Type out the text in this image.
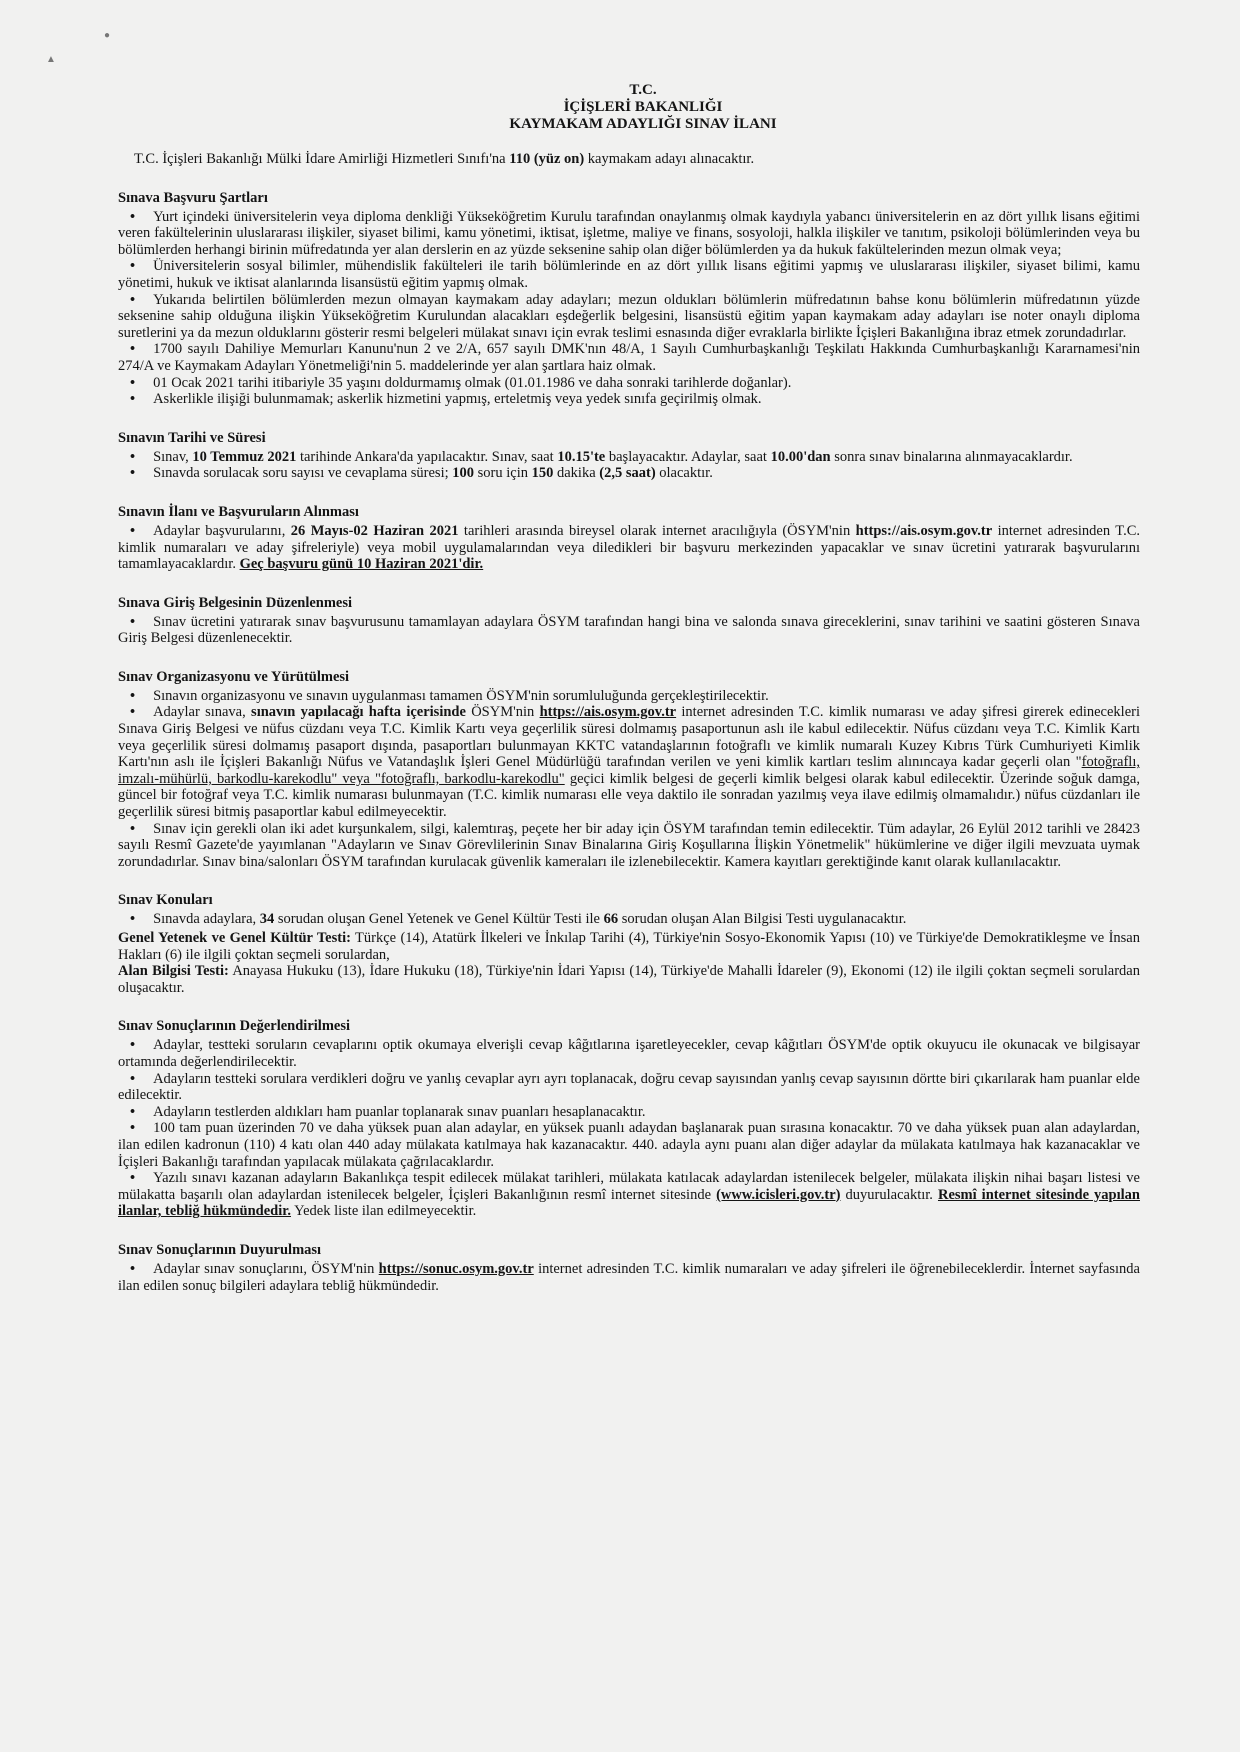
●
▲
T.C.
İÇİŞLERİ BAKANLIĞI
KAYMAKAM ADAYLIĞI SINAV İLANI
T.C. İçişleri Bakanlığı Mülki İdare Amirliği Hizmetleri Sınıfı'na 110 (yüz on) kaymakam adayı alınacaktır.
Sınava Başvuru Şartları

• Yurt içindeki üniversitelerin veya diploma denkliği Yükseköğretim Kurulu tarafından onaylanmış olmak kaydıyla yabancı üniversitelerin en az dört yıllık lisans eğitimi veren fakültelerinin uluslararası ilişkiler, siyaset bilimi, kamu yönetimi, iktisat, işletme, maliye ve finans, sosyoloji, halkla ilişkiler ve tanıtım, psikoloji bölümlerinden veya bu bölümlerden herhangi birinin müfredatında yer alan derslerin en az yüzde sekseninе sahip olan diğer bölümlerden ya da hukuk fakültelerinden mezun olmak veya;

• Üniversitelerin sosyal bilimler, mühendislik fakülteleri ile tarih bölümlerinde en az dört yıllık lisans eğitimi yapmış ve uluslararası ilişkiler, siyaset bilimi, kamu yönetimi, hukuk ve iktisat alanlarında lisansüstü eğitim yapmış olmak.

• Yukarıda belirtilen bölümlerden mezun olmayan kaymakam aday adayları; mezun oldukları bölümlerin müfredatının bahse konu bölümlerin müfredatının yüzde sekseninе sahip olduğuna ilişkin Yükseköğretim Kurulundan alacakları eşdeğerlik belgesini, lisansüstü eğitim yapan kaymakam aday adayları ise noter onaylı diploma suretlerini ya da mezun olduklarını gösterir resmi belgeleri mülakat sınavı için evrak teslimi esnasında diğer evraklarla birlikte İçişleri Bakanlığına ibraz etmek zorundadırlar.

• 1700 sayılı Dahiliye Memurları Kanunu'nun 2 ve 2/A, 657 sayılı DMK'nın 48/A, 1 Sayılı Cumhurbaşkanlığı Teşkilatı Hakkında Cumhurbaşkanlığı Kararnamesi'nin 274/A ve Kaymakam Adayları Yönetmeliği'nin 5. maddelerinde yer alan şartlara haiz olmak.

• 01 Ocak 2021 tarihi itibariyle 35 yaşını doldurmamış olmak (01.01.1986 ve daha sonraki tarihlerde doğanlar).

• Askerlikle ilişiği bulunmamak; askerlik hizmetini yapmış, erteletmiş veya yedek sınıfa geçirilmiş olmak.

Sınavın Tarihi ve Süresi

• Sınav, 10 Temmuz 2021 tarihinde Ankara'da yapılacaktır. Sınav, saat 10.15'te başlayacaktır. Adaylar, saat 10.00'dan sonra sınav binalarına alınmayacaklardır.

• Sınavda sorulacak soru sayısı ve cevaplama süresi; 100 soru için 150 dakika (2,5 saat) olacaktır.

Sınavın İlanı ve Başvuruların Alınması

• Adaylar başvurularını, 26 Mayıs-02 Haziran 2021 tarihleri arasında bireysel olarak internet aracılığıyla (ÖSYM'nin https://ais.osym.gov.tr internet adresinden T.C. kimlik numaraları ve aday şifreleriyle) veya mobil uygulamalarından veya diledikleri bir başvuru merkezinden yapacaklar ve sınav ücretini yatırarak başvurularını tamamlayacaklardır. Geç başvuru günü 10 Haziran 2021'dir.

Sınava Giriş Belgesinin Düzenlenmesi

• Sınav ücretini yatırarak sınav başvurusunu tamamlayan adaylara ÖSYM tarafından hangi bina ve salonda sınava gireceklerini, sınav tarihini ve saatini gösteren Sınava Giriş Belgesi düzenlenecektir.

Sınav Organizasyonu ve Yürütülmesi

• Sınavın organizasyonu ve sınavın uygulanması tamamen ÖSYM'nin sorumluluğunda gerçekleştirilecektir.

• Adaylar sınava, sınavın yapılacağı hafta içerisinde ÖSYM'nin https://ais.osym.gov.tr internet adresinden T.C. kimlik numarası ve aday şifresi girerek edinecekleri Sınava Giriş Belgesi ve nüfus cüzdanı veya T.C. Kimlik Kartı veya geçerlilik süresi dolmamış pasaportunun aslı ile kabul edilecektir. Nüfus cüzdanı veya T.C. Kimlik Kartı veya geçerlilik süresi dolmamış pasaport dışında, pasaportları bulunmayan KKTC vatandaşlarının fotoğraflı ve kimlik numaralı Kuzey Kıbrıs Türk Cumhuriyeti Kimlik Kartı'nın aslı ile İçişleri Bakanlığı Nüfus ve Vatandaşlık İşleri Genel Müdürlüğü tarafından verilen ve yeni kimlik kartları teslim alınıncaya kadar geçerli olan "fotoğraflı, imzalı-mühürlü, barkodlu-karekodlu" veya "fotoğraflı, barkodlu-karekodlu" geçici kimlik belgesi de geçerli kimlik belgesi olarak kabul edilecektir. Üzerinde soğuk damga, güncel bir fotoğraf veya T.C. kimlik numarası bulunmayan (T.C. kimlik numarası elle veya daktilo ile sonradan yazılmış veya ilave edilmiş olmamalıdır.) nüfus cüzdanları ile geçerlilik süresi bitmiş pasaportlar kabul edilmeyecektir.

• Sınav için gerekli olan iki adet kurşunkalem, silgi, kalemtıraş, peçete her bir aday için ÖSYM tarafından temin edilecektir. Tüm adaylar, 26 Eylül 2012 tarihli ve 28423 sayılı Resmî Gazete'de yayımlanan "Adayların ve Sınav Görevlilerinin Sınav Binalarına Giriş Koşullarına İlişkin Yönetmelik" hükümlerine ve diğer ilgili mevzuata uymak zorundadırlar. Sınav bina/salonları ÖSYM tarafından kurulacak güvenlik kameraları ile izlenebilecektir. Kamera kayıtları gerektiğinde kanıt olarak kullanılacaktır.

Sınav Konuları

• Sınavda adaylara, 34 sorudan oluşan Genel Yetenek ve Genel Kültür Testi ile 66 sorudan oluşan Alan Bilgisi Testi uygulanacaktır.

Genel Yetenek ve Genel Kültür Testi: Türkçe (14), Atatürk İlkeleri ve İnkılap Tarihi (4), Türkiye'nin Sosyo-Ekonomik Yapısı (10) ve Türkiye'de Demokratikleşme ve İnsan Hakları (6) ile ilgili çoktan seçmeli sorulardan,

Alan Bilgisi Testi: Anayasa Hukuku (13), İdare Hukuku (18), Türkiye'nin İdari Yapısı (14), Türkiye'de Mahalli İdareler (9), Ekonomi (12) ile ilgili çoktan seçmeli sorulardan oluşacaktır.

Sınav Sonuçlarının Değerlendirilmesi

• Adaylar, testteki soruların cevaplarını optik okumaya elverişli cevap kâğıtlarına işaretleyecekler, cevap kâğıtları ÖSYM'de optik okuyucu ile okunacak ve bilgisayar ortamında değerlendirilecektir.

• Adayların testteki sorulara verdikleri doğru ve yanlış cevaplar ayrı ayrı toplanacak, doğru cevap sayısından yanlış cevap sayısının dörtte biri çıkarılarak ham puanlar elde edilecektir.

• Adayların testlerden aldıkları ham puanlar toplanarak sınav puanları hesaplanacaktır.

• 100 tam puan üzerinden 70 ve daha yüksek puan alan adaylar, en yüksek puanlı adaydan başlanarak puan sırasına konacaktır. 70 ve daha yüksek puan alan adaylardan, ilan edilen kadronun (110) 4 katı olan 440 aday mülakata katılmaya hak kazanacaktır. 440. adayla aynı puanı alan diğer adaylar da mülakata katılmaya hak kazanacaklar ve İçişleri Bakanlığı tarafından yapılacak mülakata çağrılacaklardır.

• Yazılı sınavı kazanan adayların Bakanlıkça tespit edilecek mülakat tarihleri, mülakata katılacak adaylardan istenilecek belgeler, mülakata ilişkin nihai başarı listesi ve mülakatta başarılı olan adaylardan istenilecek belgeler, İçişleri Bakanlığının resmî internet sitesinde (www.icisleri.gov.tr) duyurulacaktır. Resmî internet sitesinde yapılan ilanlar, tebliğ hükmündedir. Yedek liste ilan edilmeyecektir.

Sınav Sonuçlarının Duyurulması

• Adaylar sınav sonuçlarını, ÖSYM'nin https://sonuc.osym.gov.tr internet adresinden T.C. kimlik numaraları ve aday şifreleri ile öğrenebileceklerdir. İnternet sayfasında ilan edilen sonuç bilgileri adaylara tebliğ hükmündedir.
